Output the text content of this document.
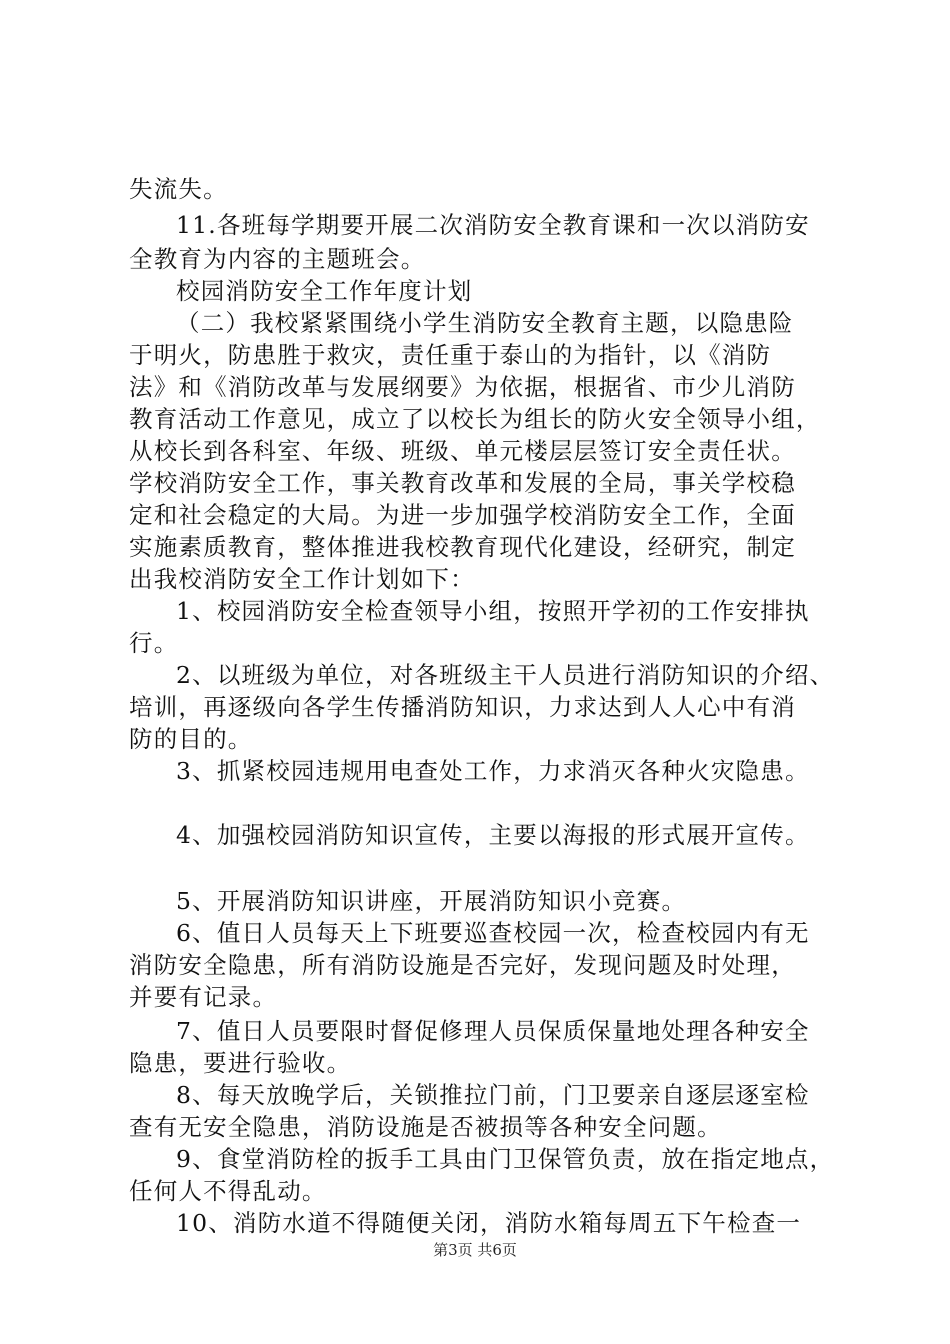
失流失。
11.各班每学期要开展二次消防安全教育课和一次以消防安
全教育为内容的主题班会。
校园消防安全工作年度计划
（二）我校紧紧围绕小学生消防安全教育主题，以隐患险
于明火，防患胜于救灾，责任重于泰山的为指针，以《消防
法》和《消防改革与发展纲要》为依据，根据省、市少儿消防
教育活动工作意见，成立了以校长为组长的防火安全领导小组，
从校长到各科室、年级、班级、单元楼层层签订安全责任状。
学校消防安全工作，事关教育改革和发展的全局，事关学校稳
定和社会稳定的大局。为进一步加强学校消防安全工作，全面
实施素质教育，整体推进我校教育现代化建设，经研究，制定
出我校消防安全工作计划如下：
1、校园消防安全检查领导小组，按照开学初的工作安排执
行。
2、以班级为单位，对各班级主干人员进行消防知识的介绍、
培训，再逐级向各学生传播消防知识，力求达到人人心中有消
防的目的。
3、抓紧校园违规用电查处工作，力求消灭各种火灾隐患。
4、加强校园消防知识宣传，主要以海报的形式展开宣传。
5、开展消防知识讲座，开展消防知识小竞赛。
6、值日人员每天上下班要巡查校园一次，检查校园内有无
消防安全隐患，所有消防设施是否完好，发现问题及时处理，
并要有记录。
7、值日人员要限时督促修理人员保质保量地处理各种安全
隐患，要进行验收。
8、每天放晚学后，关锁推拉门前，门卫要亲自逐层逐室检
查有无安全隐患，消防设施是否被损等各种安全问题。
9、食堂消防栓的扳手工具由门卫保管负责，放在指定地点，
任何人不得乱动。
10、消防水道不得随便关闭，消防水箱每周五下午检查一
第3页 共6页
